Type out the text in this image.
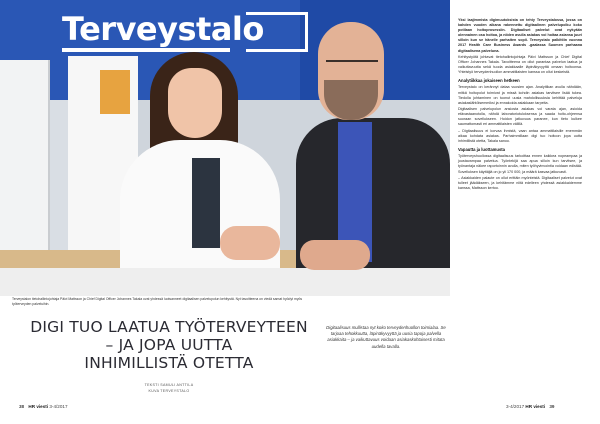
Terveystalo
Terveystalon tietohallintojohtaja Päivi Mattsson ja Chief Digital Officer Johannes Takala ovat yhdessä luotsanneet digitaalisen palvelupolun kehitystä. Nyt tavoitteena on viedä samat hyödyt myös työterveyden palveluihin.
DIGI TUO LAATUA TYÖTERVEYTEEN
– JA JOPA UUTTA
INHIMILLISTÄ OTETTA
TEKSTI SAMULI ANTTILA
KUVA TERVEYSTALO
Digitaalisuus mullistaa nyt koko terveydenhuollon toimialaa. Se tarjoaa tehokkuutta, läpinäkyvyyttä ja uusia tapoja palvella asiakkaita – ja vaikuttavuus voidaan asiakaskohtaisesti mitata uudella tavalla.

Yksi laajimmista digimuutoksista on tehty Terveystalossa, jossa on kahden vuoden aikana rakennettu digitaalinen palvelupolku koko potilaan hoitoprosessiin. Digitaaliset palvelut ovat nykyään olennainen osa hoitoa, ja niiden avulla asiakas voi hoitaa asiansa juuri silloin kun se hänelle parhaiten sopii. Terveystalo palkittiin vuonna 2017 Health Care Business Awards -gaalassa Suomen parhaana digitaalisena palveluna.

Kehitystyötä johtavat tietohallintojohtaja Päivi Mattsson ja Chief Digital Officer Johannes Takala. Tavoitteena on ollut parantaa palvelun laatua ja vaikuttavuutta sekä tuoda asiakkaalle läpinäkyvyyttä omaan hoitoonsa. Yhteistyö terveydenhuollon ammattilaisten kanssa on ollut keskeistä.

Analytiikkaa jokaiseen hetkeen

Terveystalo on kerännyt dataa vuosien ajan. Analytiikan avulla nähdään, mitkä hoitopolut toimivat ja missä kohdin asiakas tarvitsee lisää tukea. Tiedolla johtaminen on tuonut uusia mahdollisuuksia kehittää palveluja asiakaslähtöisemmiksi ja ennakoida asiakkaan tarpeita.

Digitaalisen palvelupolun ansiosta asiakas voi varata ajan, asioida etävastaanotolla, nähdä laboratoriotuloksensa ja saada hoito-ohjeensa suoraan sovellukseen. Hoidon jatkuvuus paranee, kun tieto kulkee saumattomasti eri ammattilaisten välillä.

– Digitaalisuus ei korvaa ihmistä, vaan antaa ammattilaisille enemmän aikaa kohdata asiakas. Parhaimmillaan digi tuo hoitoon jopa uutta inhimillistä otetta, Takala sanoo.

Vapautta ja luottamusta

Työterveyshuollossa digitaalisuus tarkoittaa ennen kaikkea nopeampaa ja joustavampaa palvelua. Työntekijä saa apua silloin kun tarvitsee, ja työnantaja näkee raportoinnin avulla, miten työhyvinvointia voidaan edistää. Sovelluksen käyttäjiä on jo yli 170 000, ja määrä kasvaa jatkuvasti.

– Asiakkaiden palaute on ollut erittäin myönteistä. Digitaaliset palvelut ovat tulleet jäädäkseen, ja kehitämme niitä edelleen yhdessä asiakkaidemme kanssa, Mattsson kertoo.

38 HR viesti 3-4/2017	3-4/2017 HR viesti 39
